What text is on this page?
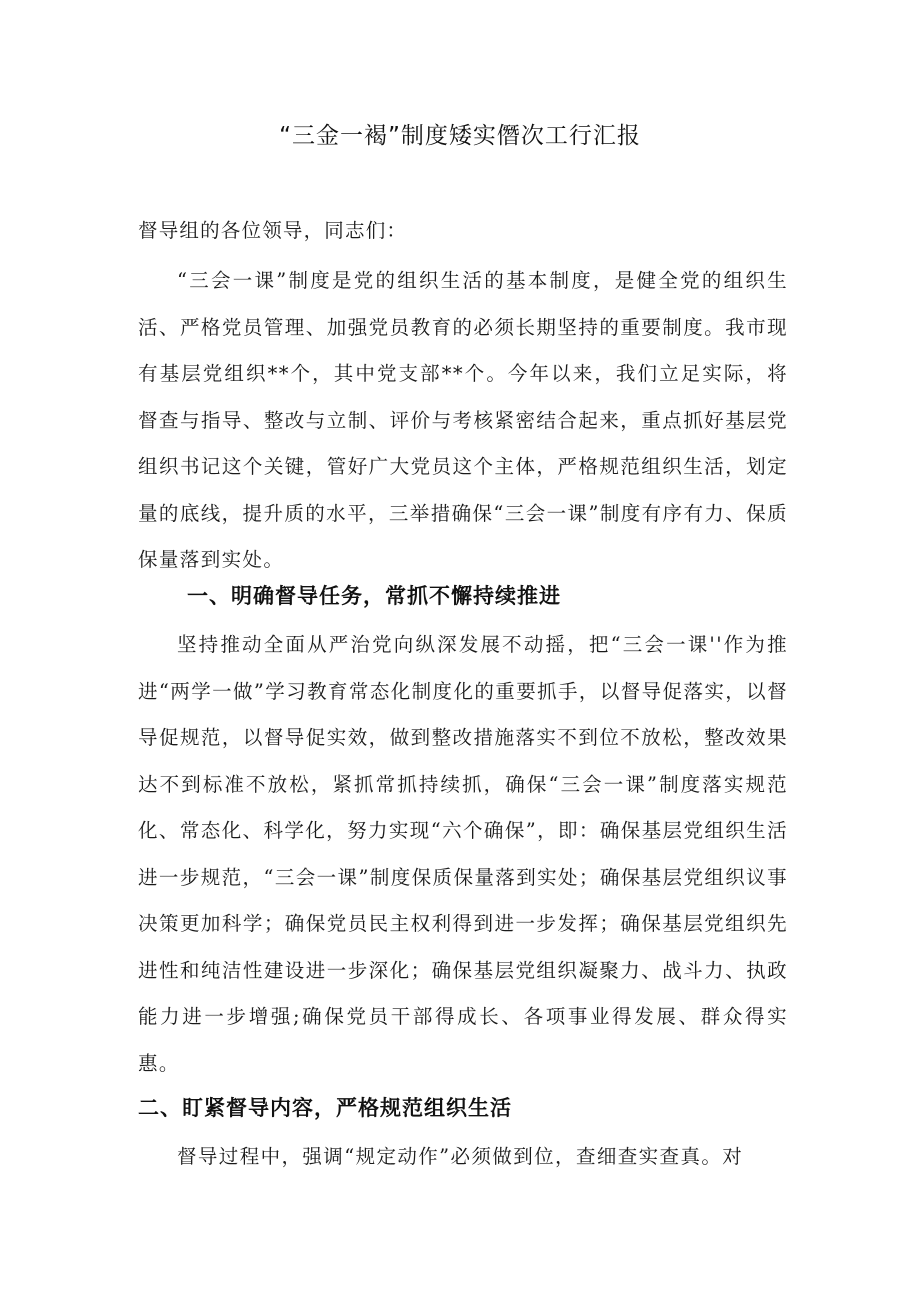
“三金一褐”制度矮实僭次工行汇报
督导组的各位领导，同志们：

“三会一课”制度是党的组织生活的基本制度，是健全党的组织生活、严格党员管理、加强党员教育的必须长期坚持的重要制度。我市现有基层党组织**个，其中党支部**个。今年以来，我们立足实际，将督查与指导、整改与立制、评价与考核紧密结合起来，重点抓好基层党组织书记这个关键，管好广大党员这个主体，严格规范组织生活，划定量的底线，提升质的水平，三举措确保“三会一课”制度有序有力、保质保量落到实处。

一、明确督导任务，常抓不懈持续推进

坚持推动全面从严治党向纵深发展不动摇，把“三会一课''作为推进“两学一做”学习教育常态化制度化的重要抓手，以督导促落实，以督导促规范，以督导促实效，做到整改措施落实不到位不放松，整改效果达不到标准不放松，紧抓常抓持续抓，确保“三会一课”制度落实规范化、常态化、科学化，努力实现“六个确保”，即：确保基层党组织生活进一步规范，“三会一课”制度保质保量落到实处；确保基层党组织议事决策更加科学；确保党员民主权利得到进一步发挥；确保基层党组织先进性和纯洁性建设进一步深化；确保基层党组织凝聚力、战斗力、执政能力进一步增强;确保党员干部得成长、各项事业得发展、群众得实惠。

二、盯紧督导内容，严格规范组织生活

督导过程中，强调“规定动作”必须做到位，查细查实查真。对
